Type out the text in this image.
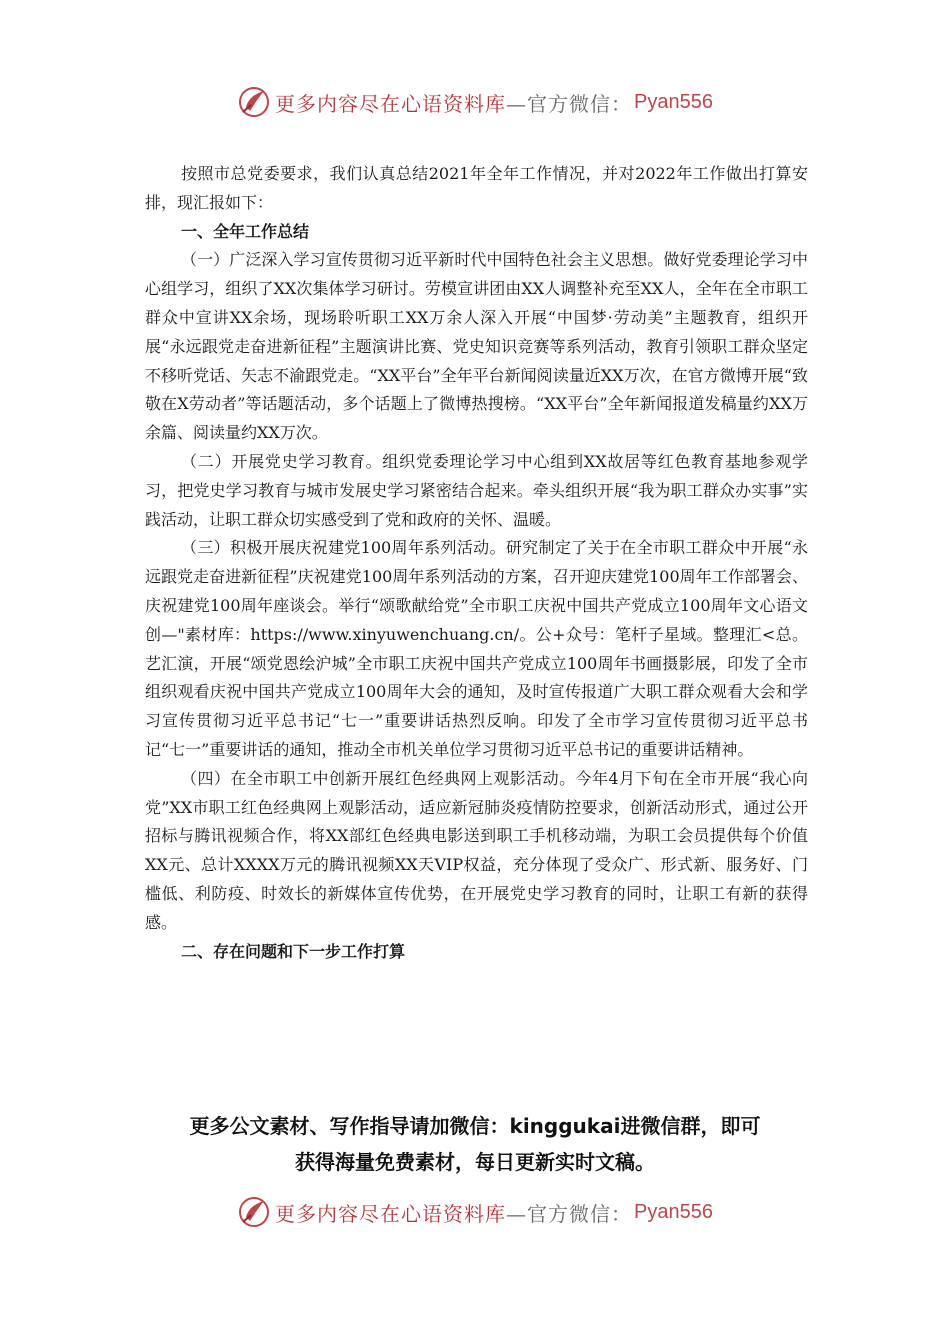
更多内容尽在心语资料库 —官方微信： Pyan556

按照市总党委要求，我们认真总结2021年全年工作情况，并对2022年工作做出打算安排，现汇报如下：

一、全年工作总结

（一）广泛深入学习宣传贯彻习近平新时代中国特色社会主义思想。做好党委理论学习中心组学习，组织了XX次集体学习研讨。劳模宣讲团由XX人调整补充至XX人，全年在全市职工群众中宣讲XX余场，现场聆听职工XX万余人深入开展“中国梦·劳动美”主题教育，组织开展“永远跟党走奋进新征程”主题演讲比赛、党史知识竞赛等系列活动，教育引领职工群众坚定不移听党话、矢志不渝跟党走。“XX平台”全年平台新闻阅读量近XX万次，在官方微博开展“致敬在X劳动者”等话题活动，多个话题上了微博热搜榜。“XX平台”全年新闻报道发稿量约XX万余篇、阅读量约XX万次。

（二）开展党史学习教育。组织党委理论学习中心组到XX故居等红色教育基地参观学习，把党史学习教育与城市发展史学习紧密结合起来。牵头组织开展“我为职工群众办实事”实践活动，让职工群众切实感受到了党和政府的关怀、温暖。

（三）积极开展庆祝建党100周年系列活动。研究制定了关于在全市职工群众中开展“永远跟党走奋进新征程”庆祝建党100周年系列活动的方案，召开迎庆建党100周年工作部署会、庆祝建党100周年座谈会。举行“颂歌献给党”全市职工庆祝中国共产党成立100周年文心语文创—"素材库：https://www.xinyuwenchuang.cn/。公+众号：笔杆子星域。整理汇<总。艺汇演，开展“颂党恩绘沪城”全市职工庆祝中国共产党成立100周年书画摄影展，印发了全市组织观看庆祝中国共产党成立100周年大会的通知，及时宣传报道广大职工群众观看大会和学习宣传贯彻习近平总书记“七一”重要讲话热烈反响。印发了全市学习宣传贯彻习近平总书记“七一”重要讲话的通知，推动全市机关单位学习贯彻习近平总书记的重要讲话精神。

（四）在全市职工中创新开展红色经典网上观影活动。今年4月下旬在全市开展“我心向党”XX市职工红色经典网上观影活动，适应新冠肺炎疫情防控要求，创新活动形式，通过公开招标与腾讯视频合作，将XX部红色经典电影送到职工手机移动端，为职工会员提供每个价值XX元、总计XXXX万元的腾讯视频XX天VIP权益，充分体现了受众广、形式新、服务好、门槛低、利防疫、时效长的新媒体宣传优势，在开展党史学习教育的同时，让职工有新的获得感。

二、存在问题和下一步工作打算
更多公文素材、写作指导请加微信：kinggukai进微信群，即可
获得海量免费素材，每日更新实时文稿。
更多内容尽在心语资料库 —官方微信： Pyan556
